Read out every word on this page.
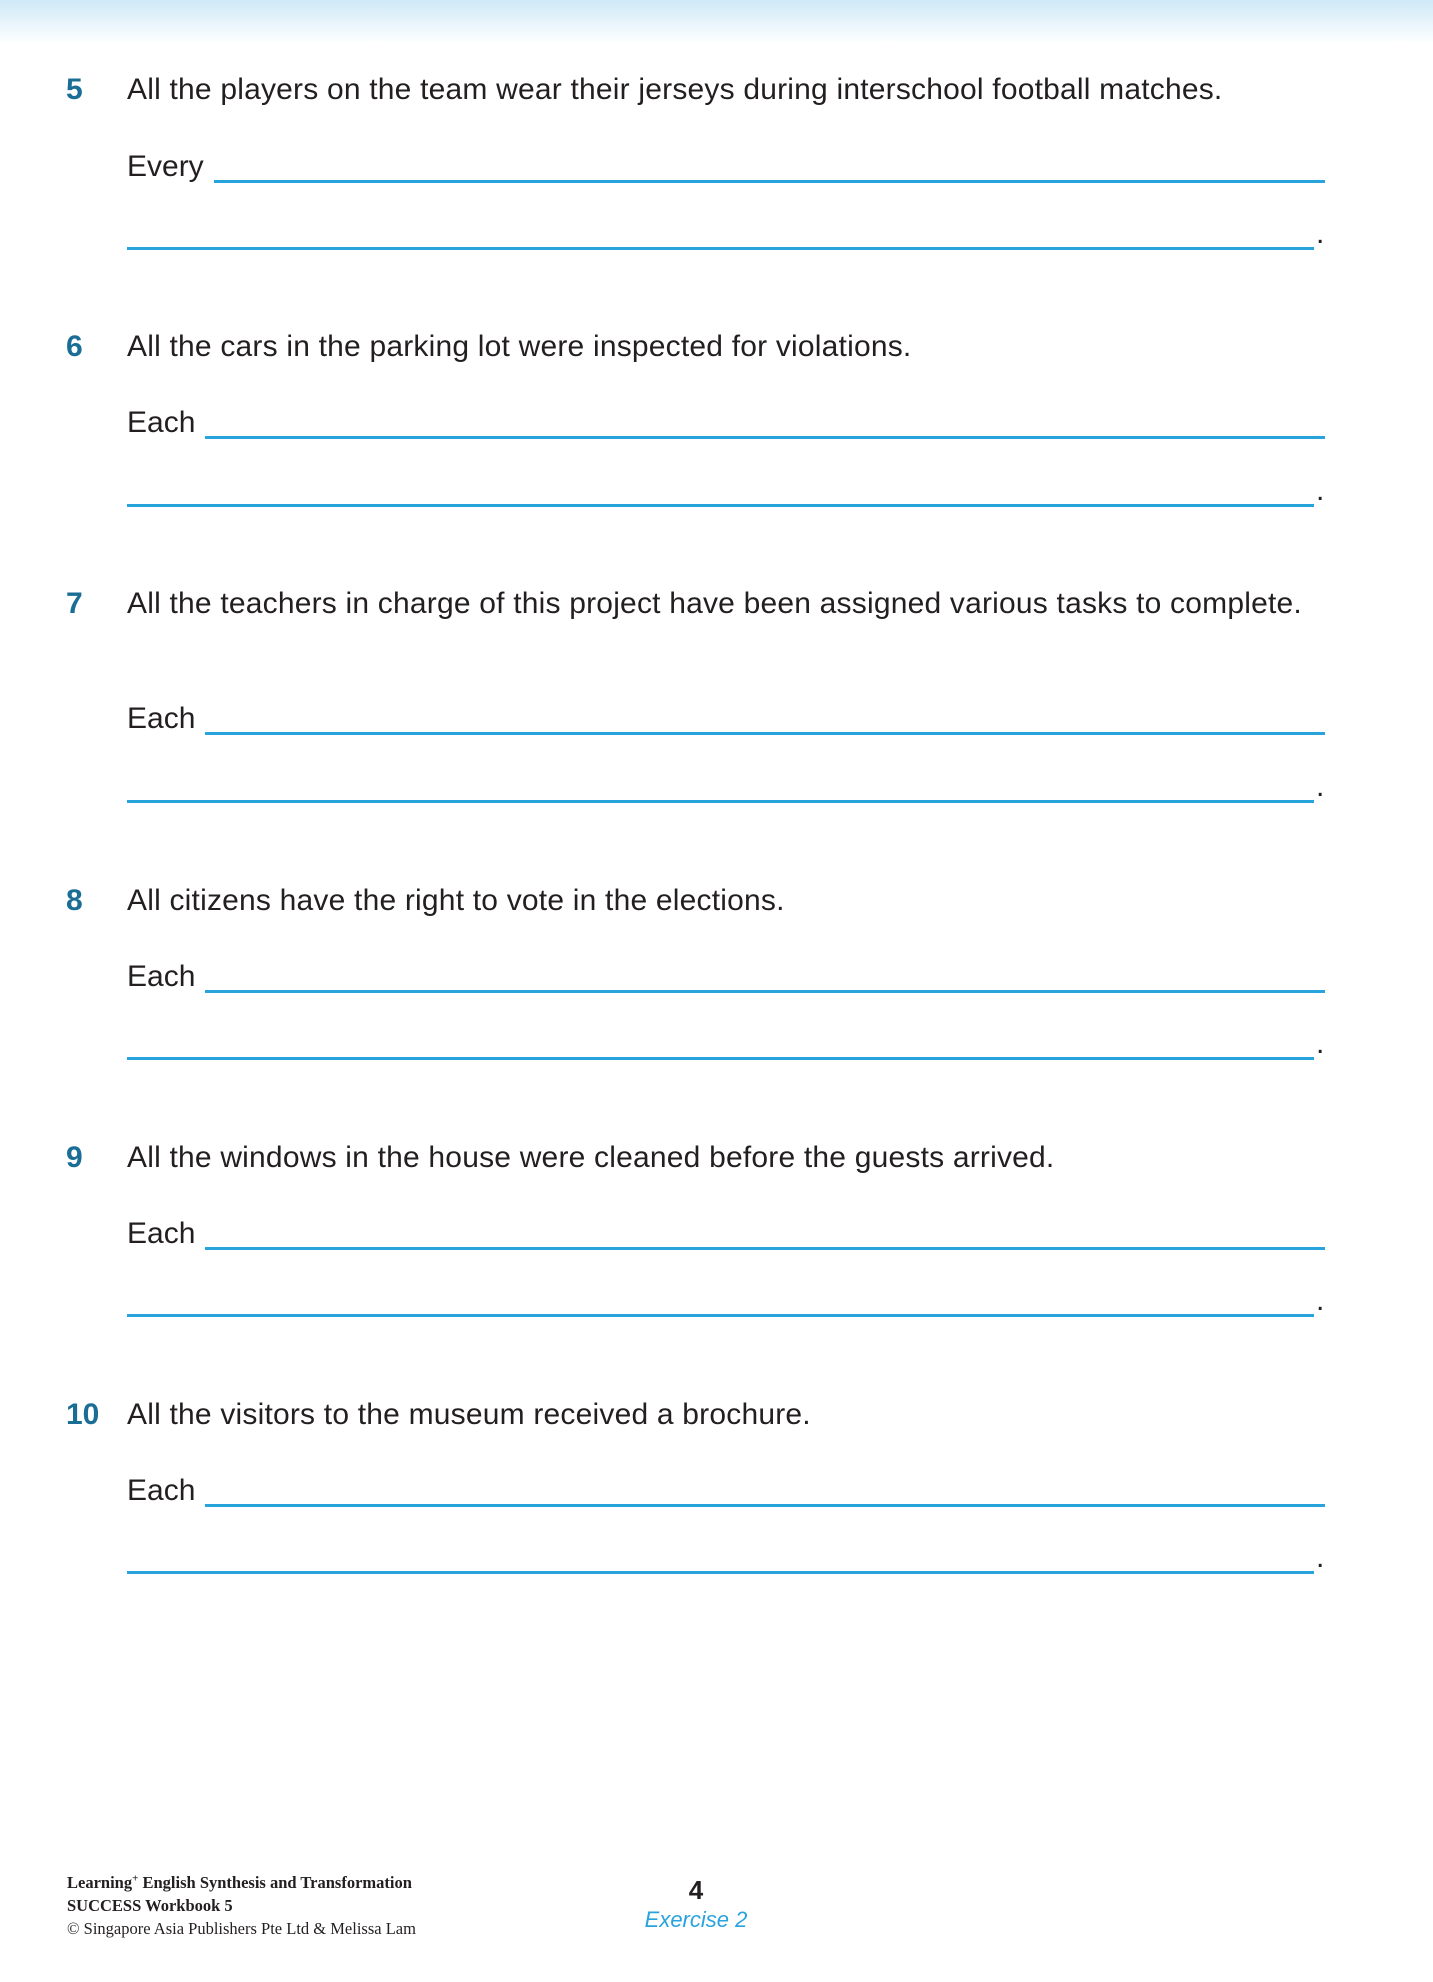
5 All the players on the team wear their jerseys during interschool football matches.
Every
.
6 All the cars in the parking lot were inspected for violations.
Each
.
7 All the teachers in charge of this project have been assigned various tasks to complete.
Each
.
8 All citizens have the right to vote in the elections.
Each
.
9 All the windows in the house were cleaned before the guests arrived.
Each
.
10 All the visitors to the museum received a brochure.
Each
.
Learning+ English Synthesis and Transformation
SUCCESS Workbook 5
© Singapore Asia Publishers Pte Ltd & Melissa Lam
4
Exercise 2
